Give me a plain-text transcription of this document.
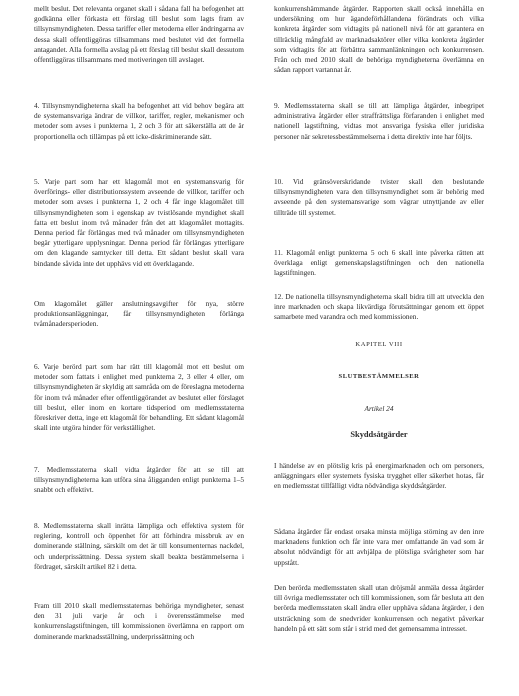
mellt beslut. Det relevanta organet skall i sådana fall ha befogenhet att godkänna eller förkasta ett förslag till beslut som lagts fram av tillsynsmyndigheten. Dessa tariffer eller metoderna eller ändringarna av dessa skall offentliggöras tillsammans med beslutet vid det formella antagandet. Alla formella avslag på ett förslag till beslut skall dessutom offentliggöras tillsammans med motiveringen till avslaget.

4. Tillsynsmyndigheterna skall ha befogenhet att vid behov begära att de systemansvariga ändrar de villkor, tariffer, regler, mekanismer och metoder som avses i punkterna 1, 2 och 3 för att säkerställa att de är proportionella och tillämpas på ett icke-diskriminerande sätt.

5. Varje part som har ett klagomål mot en systemansvarig för överförings- eller distributionssystem avseende de villkor, tariffer och metoder som avses i punkterna 1, 2 och 4 får inge klagomålet till tillsynsmyndigheten som i egenskap av tvistlösande myndighet skall fatta ett beslut inom två månader från det att klagomålet mottagits. Denna period får förlängas med två månader om tillsynsmyndigheten begär ytterligare upplysningar. Denna period får förlängas ytterligare om den klagande samtycker till detta. Ett sådant beslut skall vara bindande såvida inte det upphävs vid ett överklagande.

Om klagomålet gäller anslutningsavgifter för nya, större produktionsanläggningar, får tillsynsmyndigheten förlänga tvåmånadersperioden.

6. Varje berörd part som har rätt till klagomål mot ett beslut om metoder som fattats i enlighet med punkterna 2, 3 eller 4 eller, om tillsynsmyndigheten är skyldig att samråda om de föreslagna metoderna för inom två månader efter offentliggörandet av beslutet eller förslaget till beslut, eller inom en kortare tidsperiod om medlemsstaterna föreskriver detta, inge ett klagomål för behandling. Ett sådant klagomål skall inte utgöra hinder för verkställighet.

7. Medlemsstaterna skall vidta åtgärder för att se till att tillsynsmyndigheterna kan utföra sina åligganden enligt punkterna 1–5 snabbt och effektivt.

8. Medlemsstaterna skall inrätta lämpliga och effektiva system för reglering, kontroll och öppenhet för att förhindra missbruk av en dominerande ställning, särskilt om det är till konsumenternas nackdel, och underprissättning. Dessa system skall beakta bestämmelserna i fördraget, särskilt artikel 82 i detta.

Fram till 2010 skall medlemsstaternas behöriga myndigheter, senast den 31 juli varje år och i överensstämmelse med konkurrenslagstiftningen, till kommissionen överlämna en rapport om dominerande marknadsställning, underprissättning och

konkurrenshämmande åtgärder. Rapporten skall också innehålla en undersökning om hur ägandeförhållandena förändrats och vilka konkreta åtgärder som vidtagits på nationell nivå för att garantera en tillräcklig mångfald av marknadsaktörer eller vilka konkreta åtgärder som vidtagits för att förbättra sammanlänkningen och konkurrensen. Från och med 2010 skall de behöriga myndigheterna överlämna en sådan rapport vartannat år.

9. Medlemsstaterna skall se till att lämpliga åtgärder, inbegripet administrativa åtgärder eller straffrättsliga förfaranden i enlighet med nationell lagstiftning, vidtas mot ansvariga fysiska eller juridiska personer när sekretessbestämmelserna i detta direktiv inte har följts.

10. Vid gränsöverskridande tvister skall den beslutande tillsynsmyndigheten vara den tillsynsmyndighet som är behörig med avseende på den systemansvarige som vägrar utnyttjande av eller tillträde till systemet.

11. Klagomål enligt punkterna 5 och 6 skall inte påverka rätten att överklaga enligt gemenskapslagstiftningen och den nationella lagstiftningen.

12. De nationella tillsynsmyndigheterna skall bidra till att utveckla den inre marknaden och skapa likvärdiga förutsättningar genom ett öppet samarbete med varandra och med kommissionen.

KAPITEL VIII

SLUTBESTÄMMELSER

Artikel 24

Skyddsåtgärder

I händelse av en plötslig kris på energimarknaden och om personers, anläggningars eller systemets fysiska trygghet eller säkerhet hotas, får en medlemsstat tillfälligt vidta nödvändiga skyddsåtgärder.

Sådana åtgärder får endast orsaka minsta möjliga störning av den inre marknadens funktion och får inte vara mer omfattande än vad som är absolut nödvändigt för att avhjälpa de plötsliga svårigheter som har uppstått.

Den berörda medlemsstaten skall utan dröjsmål anmäla dessa åtgärder till övriga medlemsstater och till kommissionen, som får besluta att den berörda medlemsstaten skall ändra eller upphäva sådana åtgärder, i den utsträckning som de snedvrider konkurrensen och negativt påverkar handeln på ett sätt som står i strid med det gemensamma intresset.
